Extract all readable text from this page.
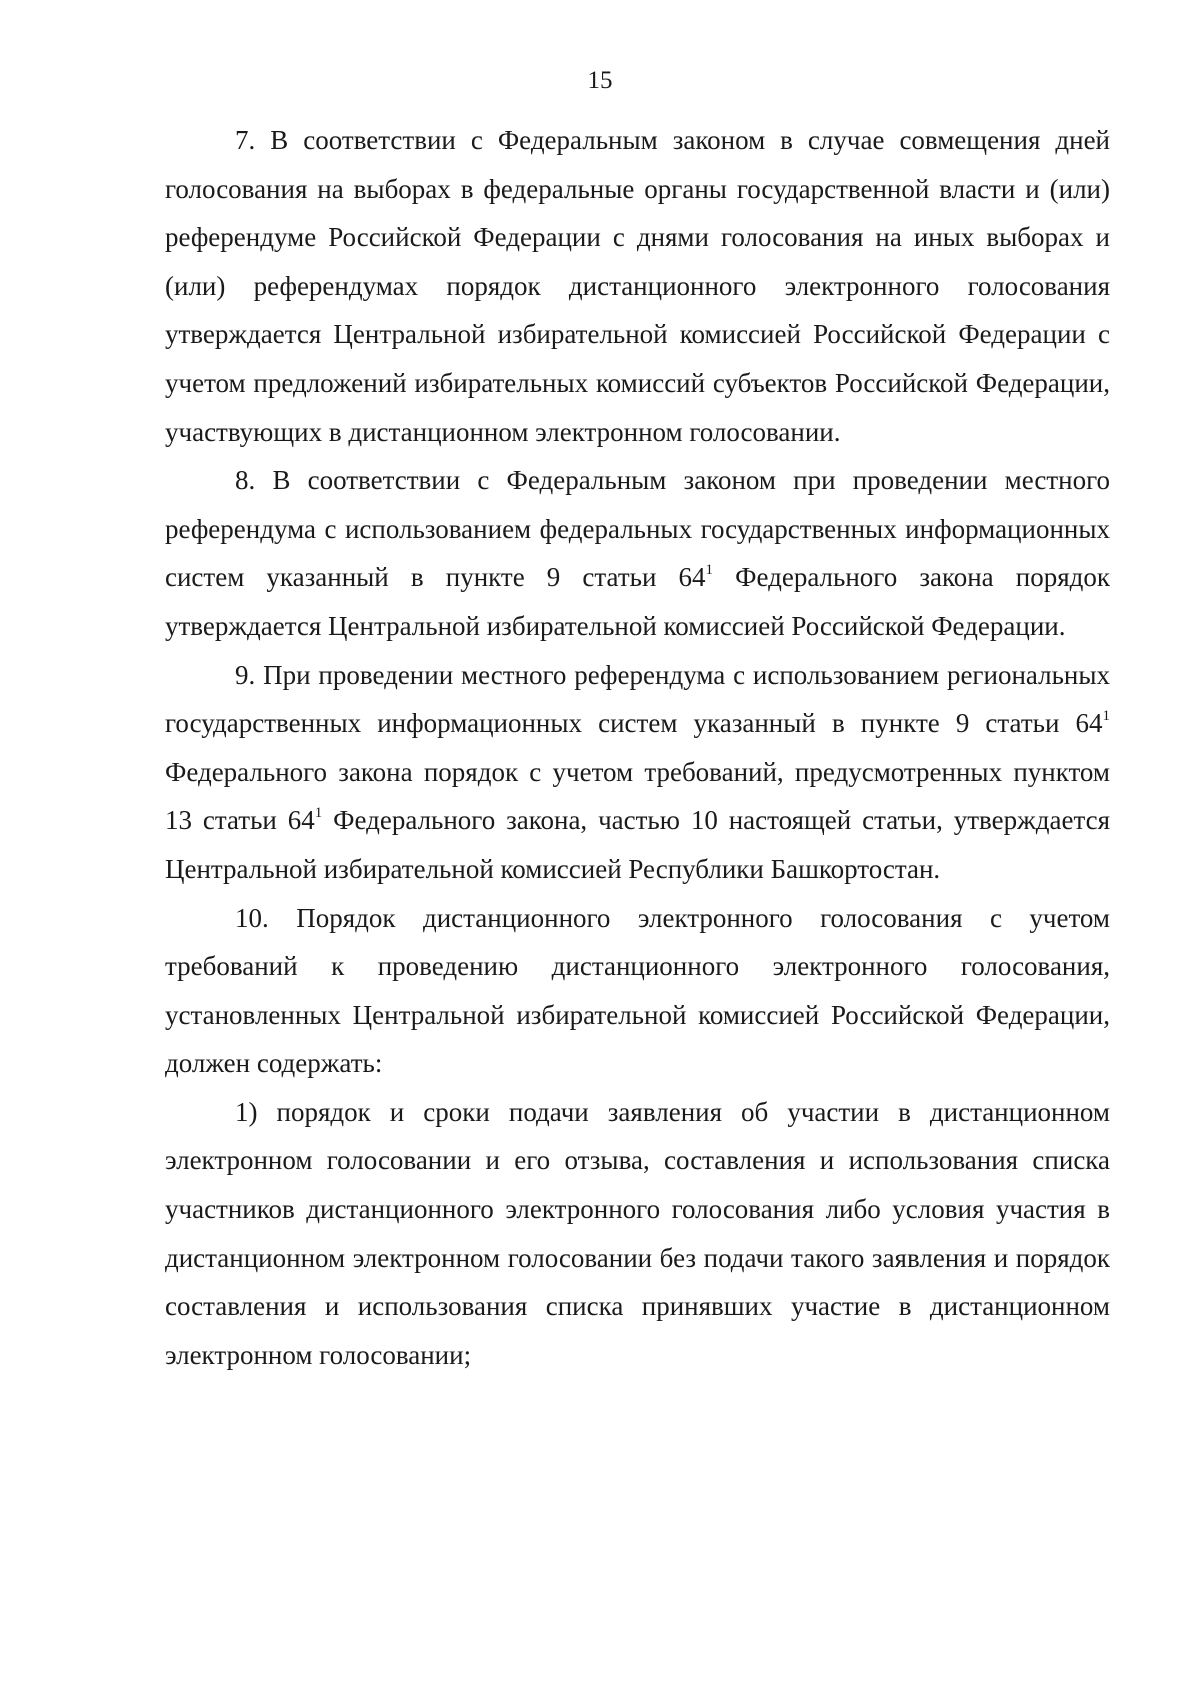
15

7. В соответствии с Федеральным законом в случае совмещения дней голосования на выборах в федеральные органы государственной власти и (или) референдуме Российской Федерации с днями голосования на иных выборах и (или) референдумах порядок дистанционного электронного голосования утверждается Центральной избирательной комиссией Российской Федерации с учетом предложений избирательных комиссий субъектов Российской Федерации, участвующих в дистанционном электронном голосовании.

8. В соответствии с Федеральным законом при проведении местного референдума с использованием федеральных государственных информационных систем указанный в пункте 9 статьи $64^1$ Федерального закона порядок утверждается Центральной избирательной комиссией Российской Федерации.

9. При проведении местного референдума с использованием региональных государственных информационных систем указанный в пункте 9 статьи $64^1$ Федерального закона порядок с учетом требований, предусмотренных пунктом 13 статьи $64^1$ Федерального закона, частью 10 настоящей статьи, утверждается Центральной избирательной комиссией Республики Башкортостан.

10. Порядок дистанционного электронного голосования с учетом требований к проведению дистанционного электронного голосования, установленных Центральной избирательной комиссией Российской Федерации, должен содержать:

1) порядок и сроки подачи заявления об участии в дистанционном электронном голосовании и его отзыва, составления и использования списка участников дистанционного электронного голосования либо условия участия в дистанционном электронном голосовании без подачи такого заявления и порядок составления и использования списка принявших участие в дистанционном электронном голосовании;
